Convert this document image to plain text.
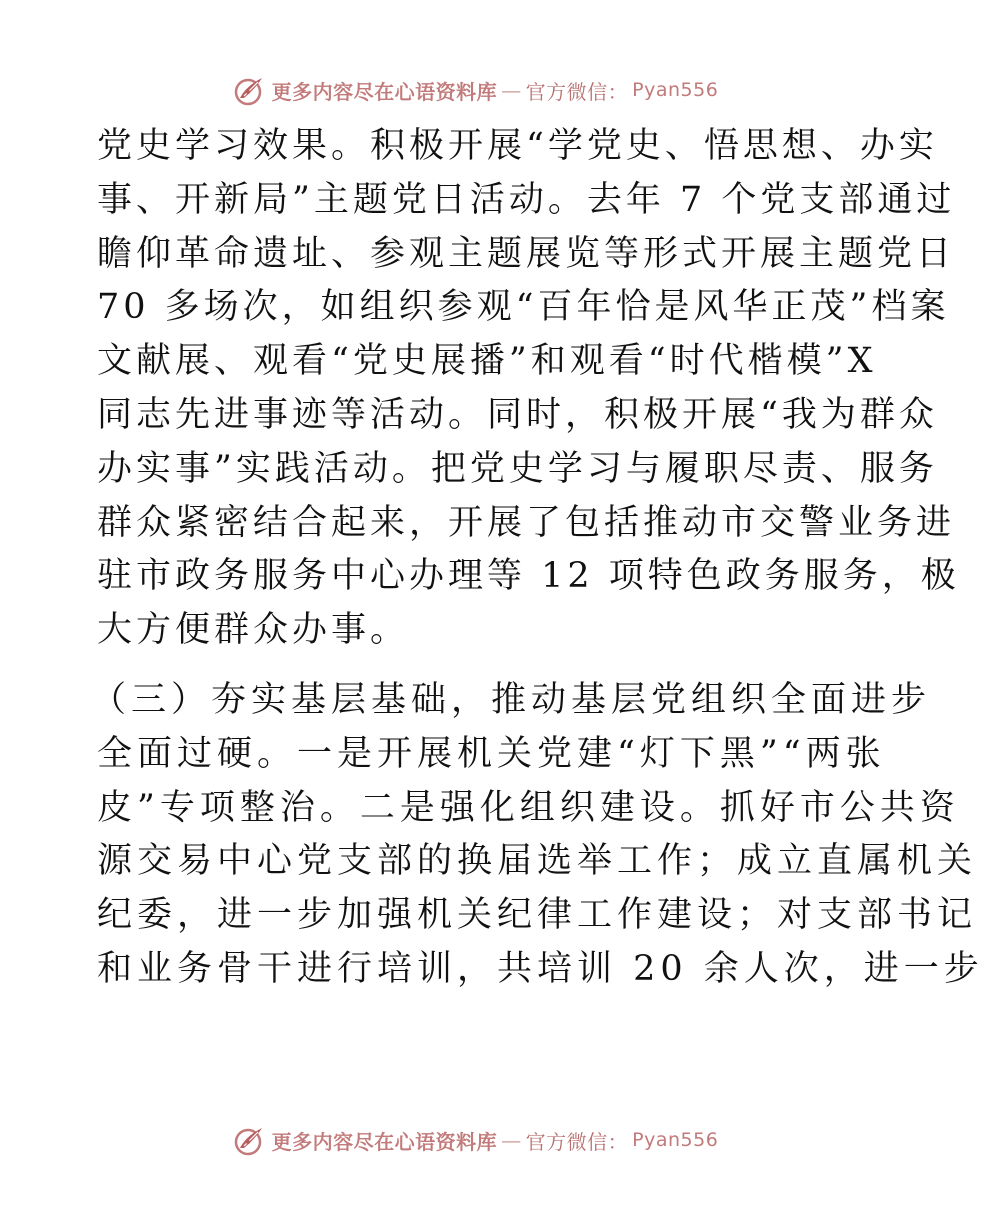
更多内容尽在心语资料库 — 官方微信： Pyan556
党史学习效果。积极开展“学党史、悟思想、办实
事、开新局”主题党日活动。去年 7 个党支部通过
瞻仰革命遗址、参观主题展览等形式开展主题党日
70 多场次，如组织参观“百年恰是风华正茂”档案
文献展、观看“党史展播”和观看“时代楷模”X
同志先进事迹等活动。同时，积极开展“我为群众
办实事”实践活动。把党史学习与履职尽责、服务
群众紧密结合起来，开展了包括推动市交警业务进
驻市政务服务中心办理等 12 项特色政务服务，极
大方便群众办事。
（三）夯实基层基础，推动基层党组织全面进步
全面过硬。一是开展机关党建“灯下黑”“两张
皮”专项整治。二是强化组织建设。抓好市公共资
源交易中心党支部的换届选举工作；成立直属机关
纪委，进一步加强机关纪律工作建设；对支部书记
和业务骨干进行培训，共培训 20 余人次，进一步
更多内容尽在心语资料库 — 官方微信： Pyan556
